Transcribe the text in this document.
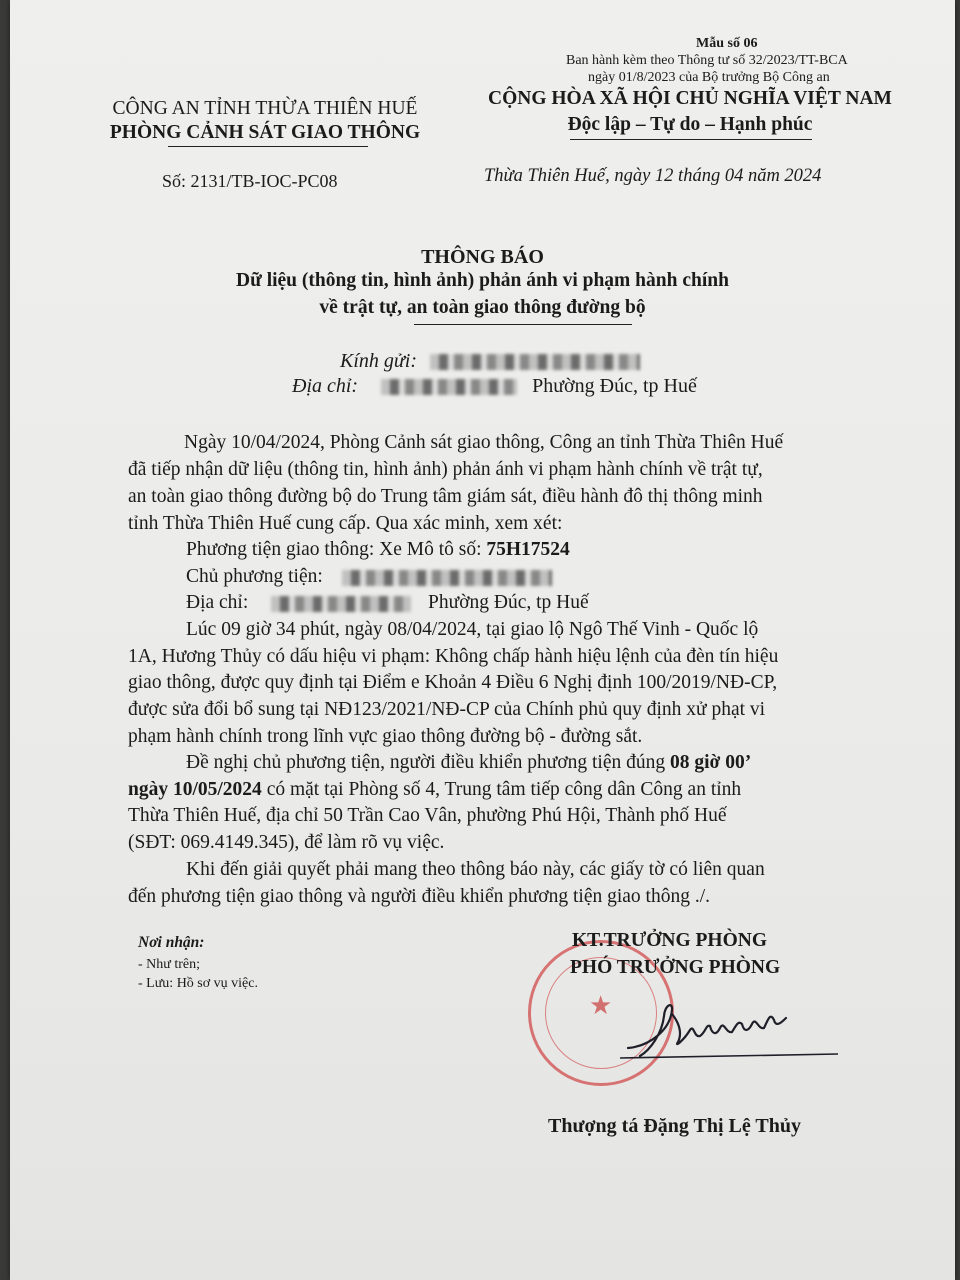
Mẫu số 06
Ban hành kèm theo Thông tư số 32/2023/TT-BCA
ngày 01/8/2023 của Bộ trưởng Bộ Công an
CÔNG AN TỈNH THỪA THIÊN HUẾ
PHÒNG CẢNH SÁT GIAO THÔNG
CỘNG HÒA XÃ HỘI CHỦ NGHĨA VIỆT NAM
Độc lập – Tự do – Hạnh phúc
Số: 2131/TB-IOC-PC08	Thừa Thiên Huế, ngày 12 tháng 04 năm 2024
THÔNG BÁO
Dữ liệu (thông tin, hình ảnh) phản ánh vi phạm hành chính
về trật tự, an toàn giao thông đường bộ
Kính gửi:
Địa chỉ:	Phường Đúc, tp Huế
Ngày 10/04/2024, Phòng Cảnh sát giao thông, Công an tỉnh Thừa Thiên Huế
đã tiếp nhận dữ liệu (thông tin, hình ảnh) phản ánh vi phạm hành chính về trật tự,
an toàn giao thông đường bộ do Trung tâm giám sát, điều hành đô thị thông minh
tỉnh Thừa Thiên Huế cung cấp. Qua xác minh, xem xét:
Phương tiện giao thông: Xe Mô tô số: 75H17524
Chủ phương tiện:
Địa chỉ:	Phường Đúc, tp Huế
Lúc 09 giờ 34 phút, ngày 08/04/2024, tại giao lộ Ngô Thế Vinh - Quốc lộ
1A, Hương Thủy có dấu hiệu vi phạm: Không chấp hành hiệu lệnh của đèn tín hiệu
giao thông, được quy định tại Điểm e Khoản 4 Điều 6 Nghị định 100/2019/NĐ-CP,
được sửa đổi bổ sung tại NĐ123/2021/NĐ-CP của Chính phủ quy định xử phạt vi
phạm hành chính trong lĩnh vực giao thông đường bộ - đường sắt.
Đề nghị chủ phương tiện, người điều khiển phương tiện đúng 08 giờ 00’
ngày 10/05/2024 có mặt tại Phòng số 4, Trung tâm tiếp công dân Công an tỉnh
Thừa Thiên Huế, địa chỉ 50 Trần Cao Vân, phường Phú Hội, Thành phố Huế
(SĐT: 069.4149.345), để làm rõ vụ việc.
Khi đến giải quyết phải mang theo thông báo này, các giấy tờ có liên quan
đến phương tiện giao thông và người điều khiển phương tiện giao thông ./.
Nơi nhận:
- Như trên;
- Lưu: Hồ sơ vụ việc.
★
KT.TRƯỞNG PHÒNG
PHÓ TRƯỞNG PHÒNG
Thượng tá Đặng Thị Lệ Thủy
